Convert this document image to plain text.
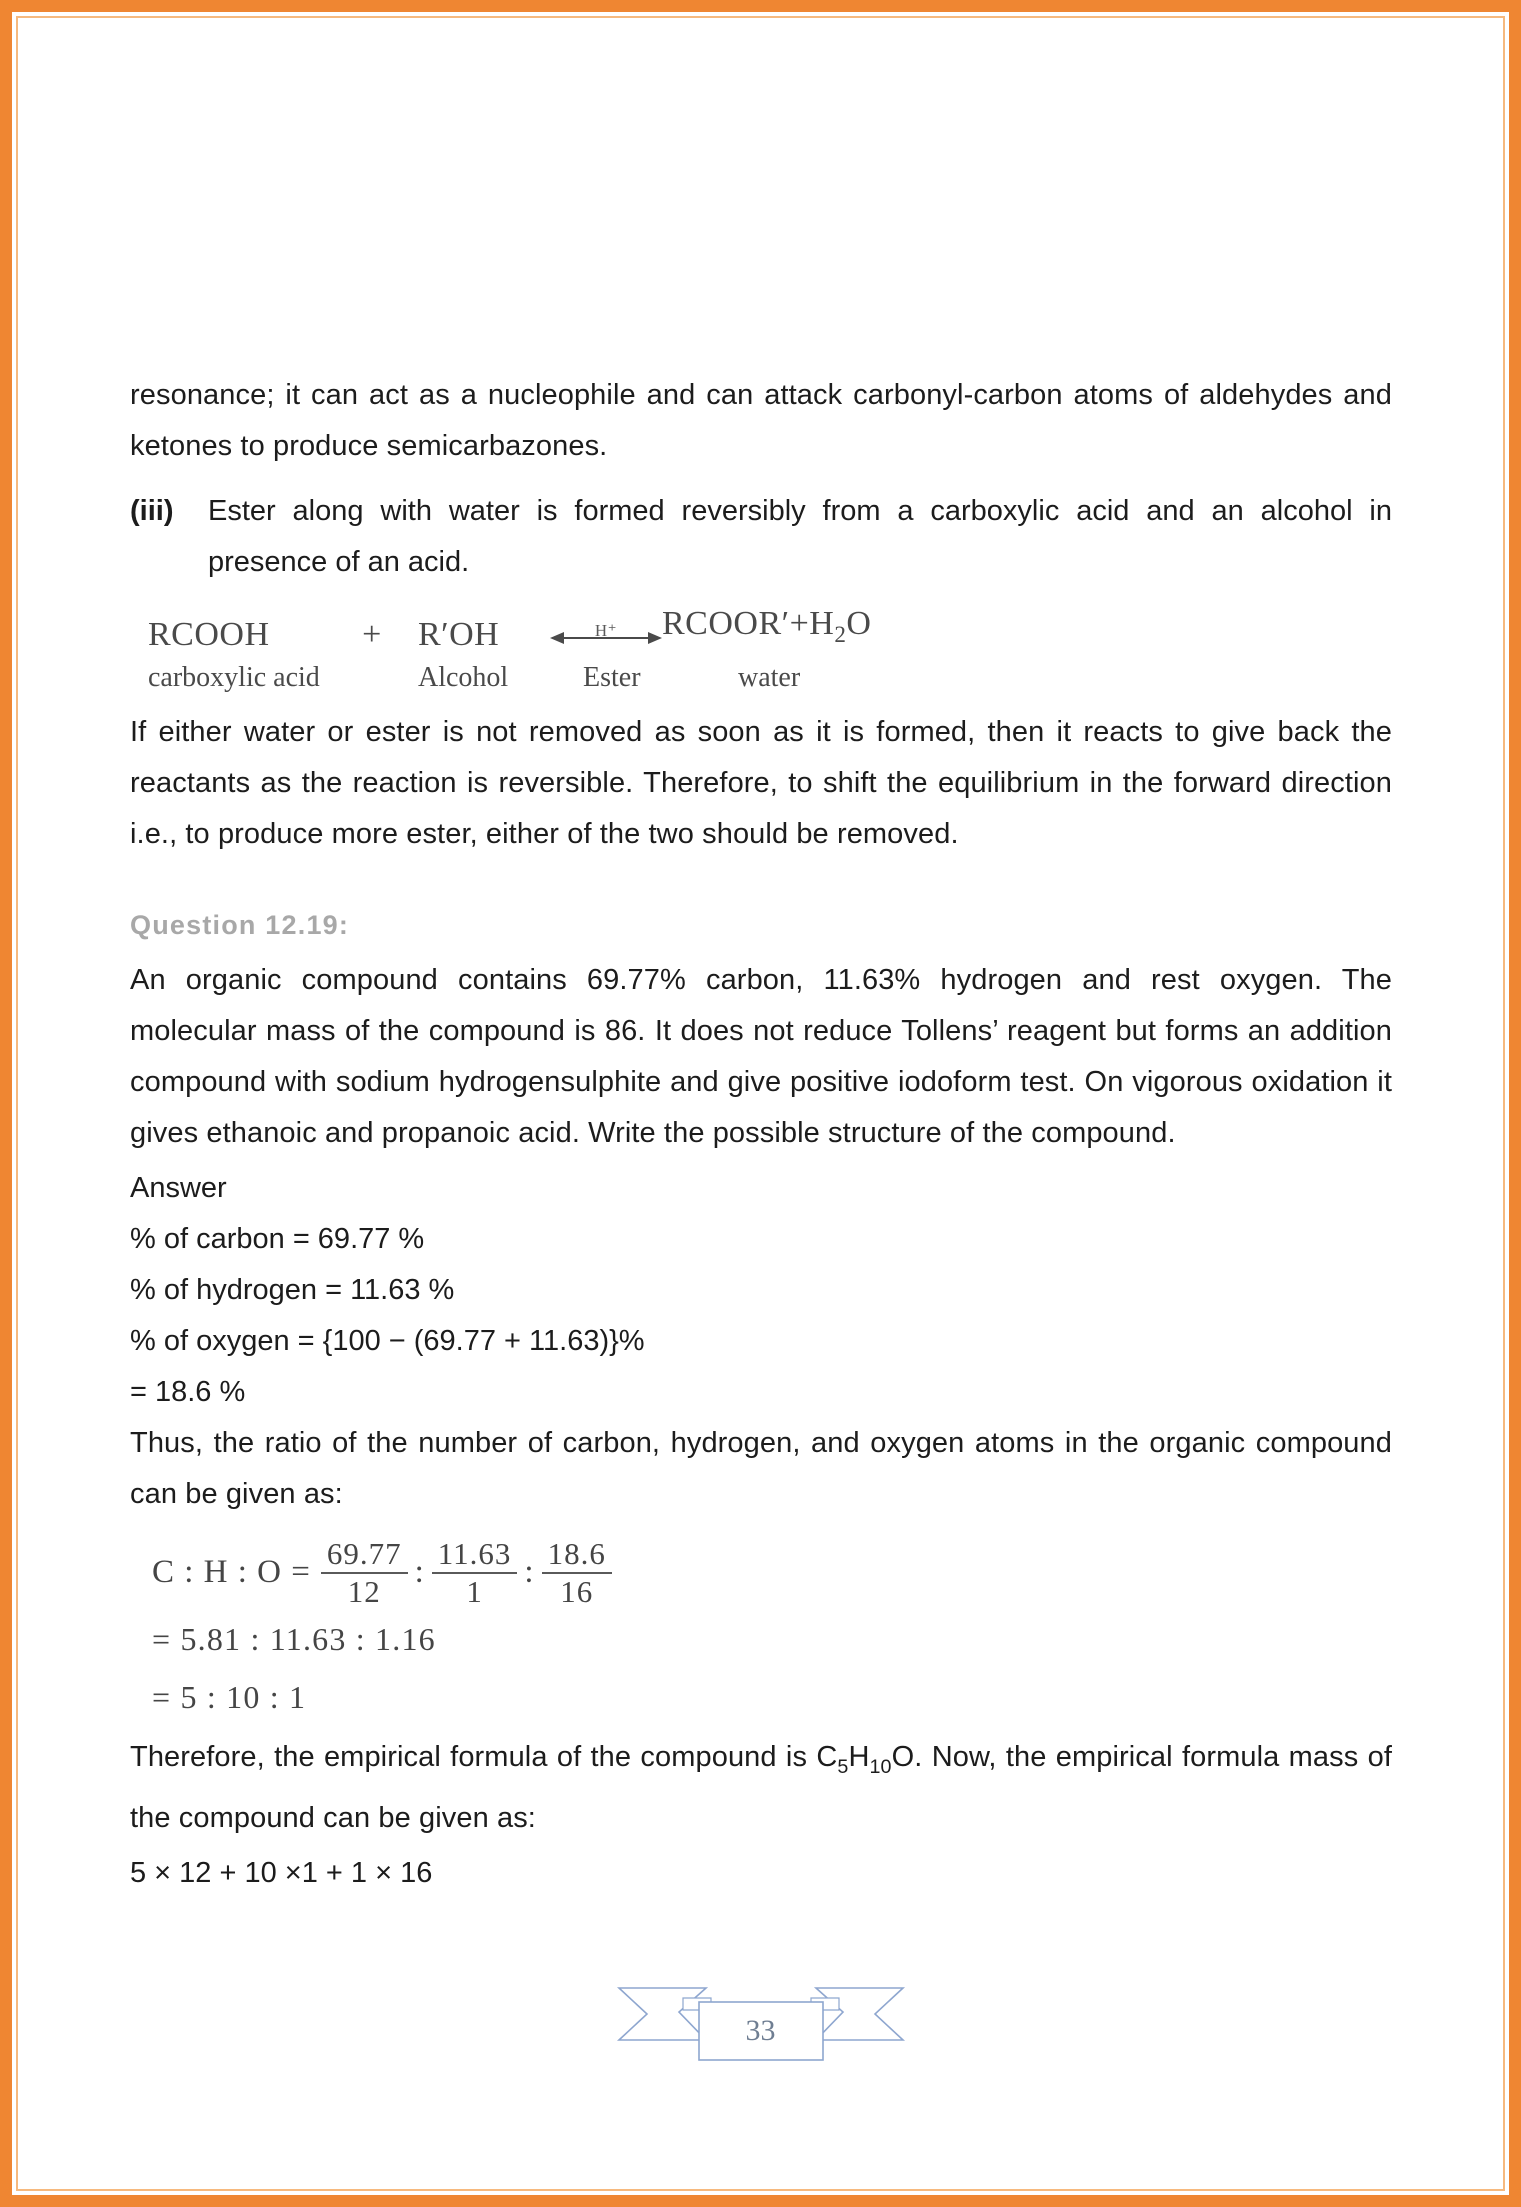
resonance; it can act as a nucleophile and can attack carbonyl-carbon atoms of aldehydes and ketones to produce semicarbazones.

(iii)	Ester along with water is formed reversibly from a carboxylic acid and an alcohol in presence of an acid.
RCOOH	+	R′OH	H⁺ $RCOOR'+H_2O$
carboxylic acid	Alcohol	Ester	water

If either water or ester is not removed as soon as it is formed, then it reacts to give back the reactants as the reaction is reversible. Therefore, to shift the equilibrium in the forward direction i.e., to produce more ester, either of the two should be removed.

Question 12.19:

An organic compound contains 69.77% carbon, 11.63% hydrogen and rest oxygen. The molecular mass of the compound is 86. It does not reduce Tollens’ reagent but forms an addition compound with sodium hydrogensulphite and give positive iodoform test. On vigorous oxidation it gives ethanoic and propanoic acid. Write the possible structure of the compound.

Answer
% of carbon = 69.77 %
% of hydrogen = 11.63 %
% of oxygen = {100 − (69.77 + 11.63)}%
= 18.6 %

Thus, the ratio of the number of carbon, hydrogen, and oxygen atoms in the organic compound can be given as:

C : H : $O = \frac{69.77}{12}$ : $\frac{11.63}{1}$ : $\frac{18.6}{16}$
= 5.81 : 11.63 : 1.16
= 5 : 10 : 1

Therefore, the empirical formula of the compound is $C_5H_{10}O$. Now, the empirical formula mass of the compound can be given as:

5 × 12 + 10 ×1 + 1 × 16
33
